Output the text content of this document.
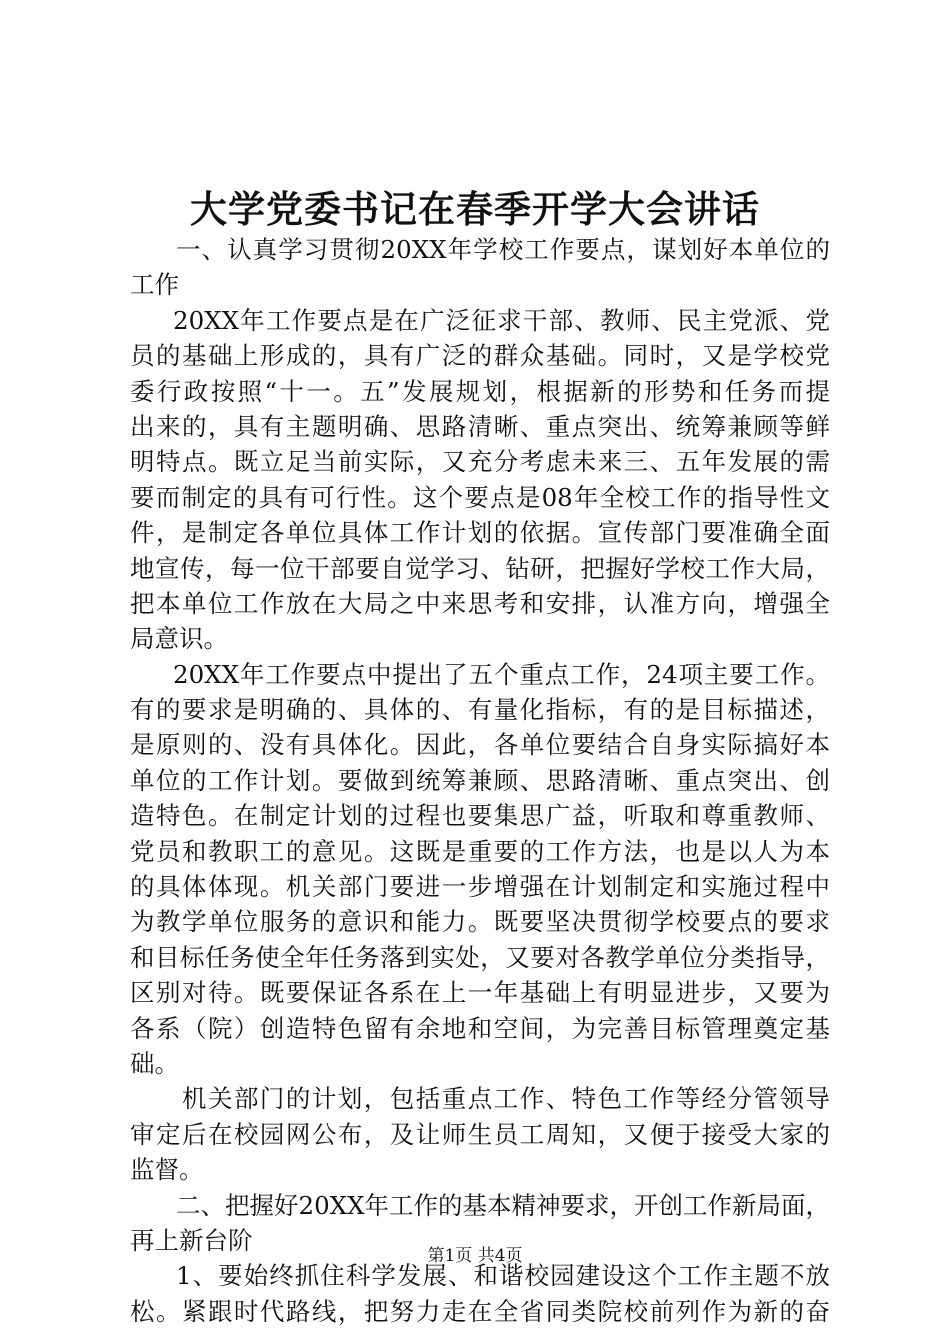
大学党委书记在春季开学大会讲话
一、认真学习贯彻20XX年学校工作要点，谋划好本单位的
工作
20XX年工作要点是在广泛征求干部、教师、民主党派、党
员的基础上形成的，具有广泛的群众基础。同时，又是学校党
委行政按照“十一。五”发展规划，根据新的形势和任务而提
出来的，具有主题明确、思路清晰、重点突出、统筹兼顾等鲜
明特点。既立足当前实际，又充分考虑未来三、五年发展的需
要而制定的具有可行性。这个要点是08年全校工作的指导性文
件，是制定各单位具体工作计划的依据。宣传部门要准确全面
地宣传，每一位干部要自觉学习、钻研，把握好学校工作大局，
把本单位工作放在大局之中来思考和安排，认准方向，增强全
局意识。
20XX年工作要点中提出了五个重点工作，24项主要工作。
有的要求是明确的、具体的、有量化指标，有的是目标描述，
是原则的、没有具体化。因此，各单位要结合自身实际搞好本
单位的工作计划。要做到统筹兼顾、思路清晰、重点突出、创
造特色。在制定计划的过程也要集思广益，听取和尊重教师、
党员和教职工的意见。这既是重要的工作方法，也是以人为本
的具体体现。机关部门要进一步增强在计划制定和实施过程中
为教学单位服务的意识和能力。既要坚决贯彻学校要点的要求
和目标任务使全年任务落到实处，又要对各教学单位分类指导，
区别对待。既要保证各系在上一年基础上有明显进步，又要为
各系（院）创造特色留有余地和空间，为完善目标管理奠定基
础。
机关部门的计划，包括重点工作、特色工作等经分管领导
审定后在校园网公布，及让师生员工周知，又便于接受大家的
监督。
二、把握好20XX年工作的基本精神要求，开创工作新局面，
再上新台阶
1、要始终抓住科学发展、和谐校园建设这个工作主题不放
松。紧跟时代路线，把努力走在全省同类院校前列作为新的奋
第1页 共4页
